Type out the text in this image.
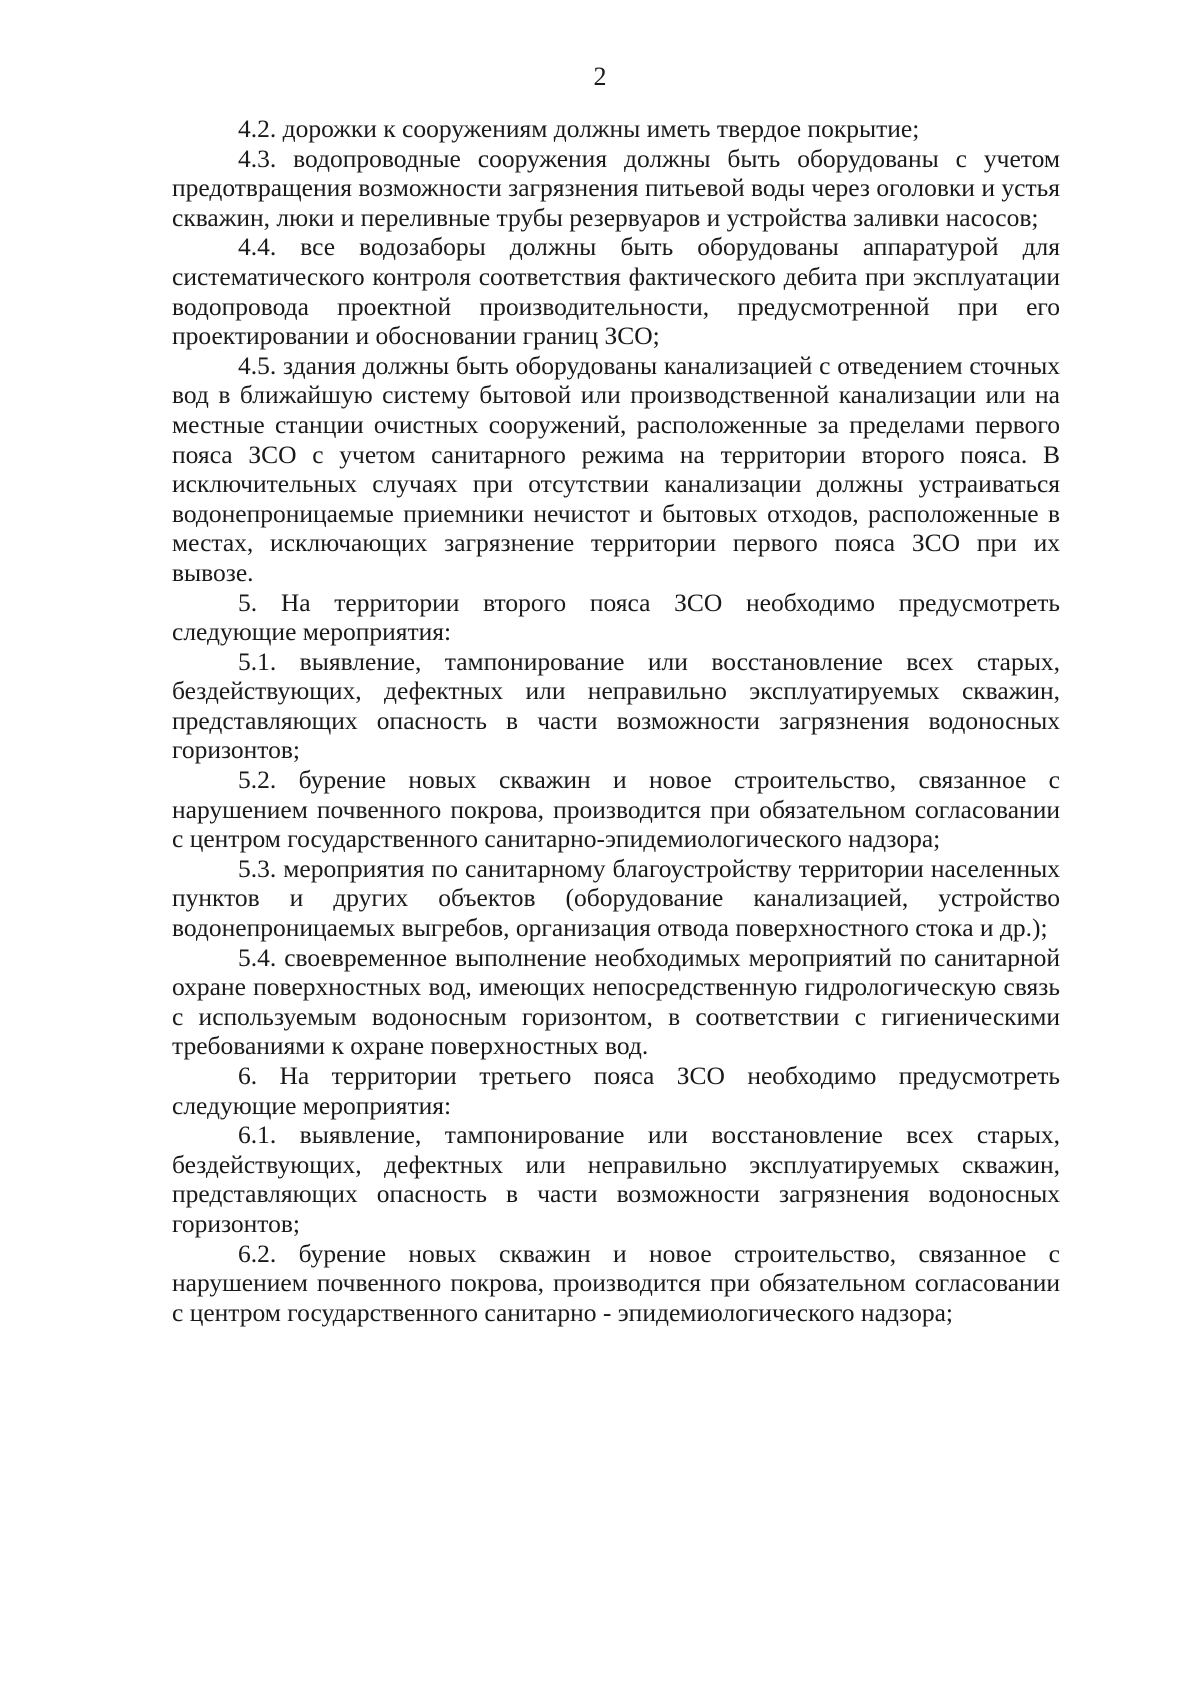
2

4.2. дорожки к сооружениям должны иметь твердое покрытие;

4.3. водопроводные сооружения должны быть оборудованы с учетом предотвращения возможности загрязнения питьевой воды через оголовки и устья скважин, люки и переливные трубы резервуаров и устройства заливки насосов;

4.4. все водозаборы должны быть оборудованы аппаратурой для систематического контроля соответствия фактического дебита при эксплуатации водопровода проектной производительности, предусмотренной при его проектировании и обосновании границ ЗСО;

4.5. здания должны быть оборудованы канализацией с отведением сточных вод в ближайшую систему бытовой или производственной канализации или на местные станции очистных сооружений, расположенные за пределами первого пояса ЗСО с учетом санитарного режима на территории второго пояса. В исключительных случаях при отсутствии канализации должны устраиваться водонепроницаемые приемники нечистот и бытовых отходов, расположенные в местах, исключающих загрязнение территории первого пояса ЗСО при их вывозе.

5. На территории второго пояса ЗСО необходимо предусмотреть следующие мероприятия:

5.1. выявление, тампонирование или восстановление всех старых, бездействующих, дефектных или неправильно эксплуатируемых скважин, представляющих опасность в части возможности загрязнения водоносных горизонтов;

5.2. бурение новых скважин и новое строительство, связанное с нарушением почвенного покрова, производится при обязательном согласовании с центром государственного санитарно-эпидемиологического надзора;

5.3. мероприятия по санитарному благоустройству территории населенных пунктов и других объектов (оборудование канализацией, устройство водонепроницаемых выгребов, организация отвода поверхностного стока и др.);

5.4. своевременное выполнение необходимых мероприятий по санитарной охране поверхностных вод, имеющих непосредственную гидрологическую связь с используемым водоносным горизонтом, в соответствии с гигиеническими требованиями к охране поверхностных вод.

6. На территории третьего пояса ЗСО необходимо предусмотреть следующие мероприятия:

6.1. выявление, тампонирование или восстановление всех старых, бездействующих, дефектных или неправильно эксплуатируемых скважин, представляющих опасность в части возможности загрязнения водоносных горизонтов;

6.2. бурение новых скважин и новое строительство, связанное с нарушением почвенного покрова, производится при обязательном согласовании с центром государственного санитарно - эпидемиологического надзора;
